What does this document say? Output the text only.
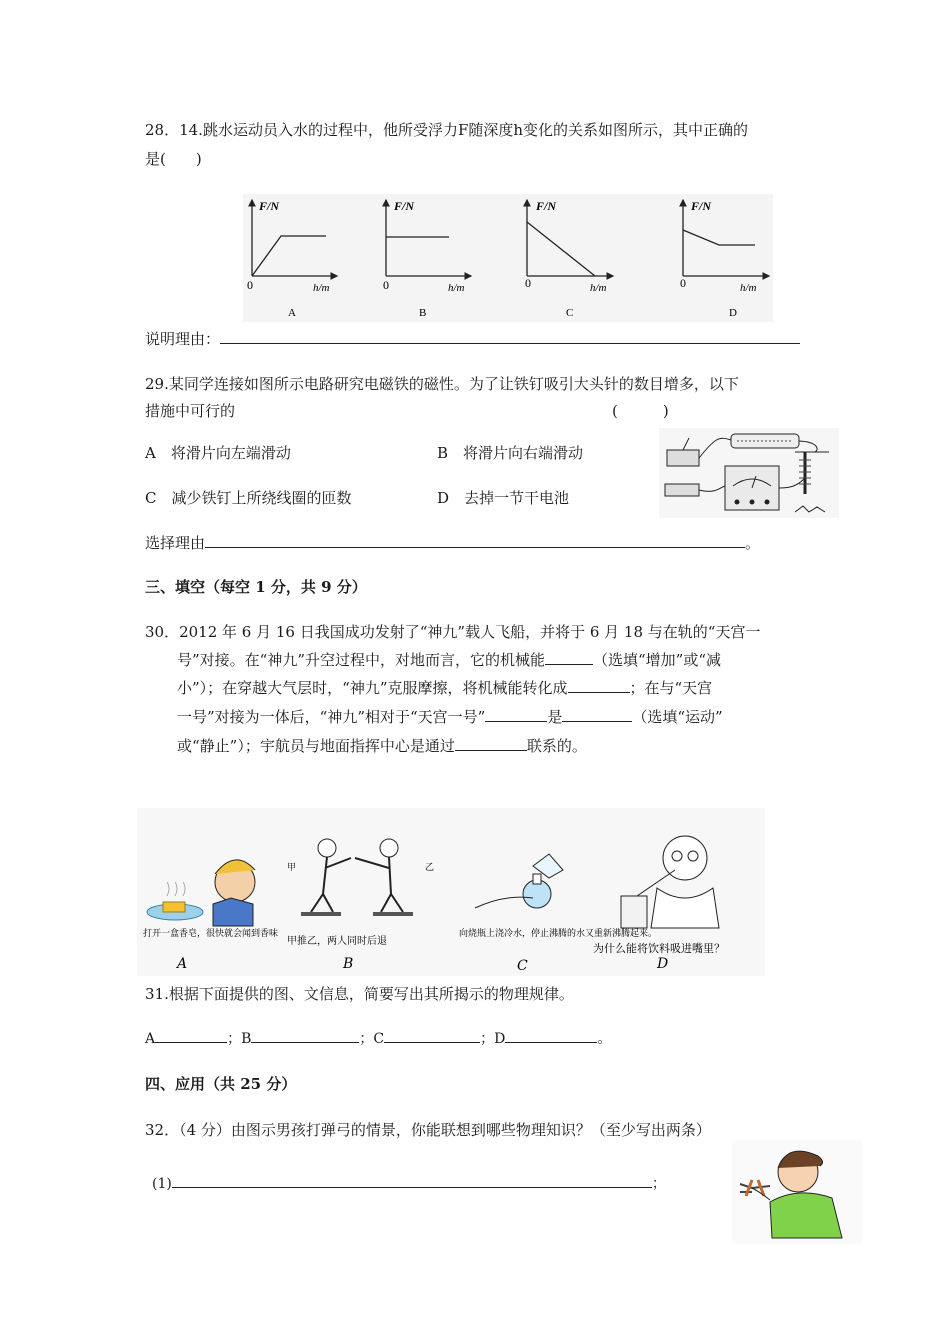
28．14.跳水运动员入水的过程中，他所受浮力F随深度h变化的关系如图所示，其中正确的
是(　　)
F/N
0	h/m
A
F/N
0	h/m
B
F/N
0	h/m
C
F/N
0	h/m
D
说明理由：
29.某同学连接如图所示电路研究电磁铁的磁性。为了让铁钉吸引大头针的数目增多，以下
措施中可行的	(　　　)
A　将滑片向左端滑动	B　将滑片向右端滑动
C　减少铁钉上所绕线圈的匝数	D　去掉一节干电池
选择理由	。
三、填空（每空 1 分，共 9 分）
30．2012 年 6 月 16 日我国成功发射了“神九”载人飞船，并将于 6 月 18 与在轨的“天宫一
号”对接。在“神九”升空过程中，对地而言，它的机械能	（选填“增加”或“减
小”）；在穿越大气层时，“神九”克服摩擦，将机械能转化成	；在与“天宫
一号”对接为一体后，“神九”相对于“天宫一号”	是	（选填“运动”
或“静止”）；宇航员与地面指挥中心是通过	联系的。
打开一盒香皂，很快就会闻到香味
A
甲	乙
甲推乙，两人同时后退
B
向烧瓶上浇冷水，停止沸腾的水又重新沸腾起来。
C
为什么能将饮料吸进嘴里？
D
31.根据下面提供的图、文信息，简要写出其所揭示的物理规律。
A	；B	；C	；D	。
四、应用（共 25 分）
32．（4 分）由图示男孩打弹弓的情景，你能联想到哪些物理知识？（至少写出两条）
(1)	；
